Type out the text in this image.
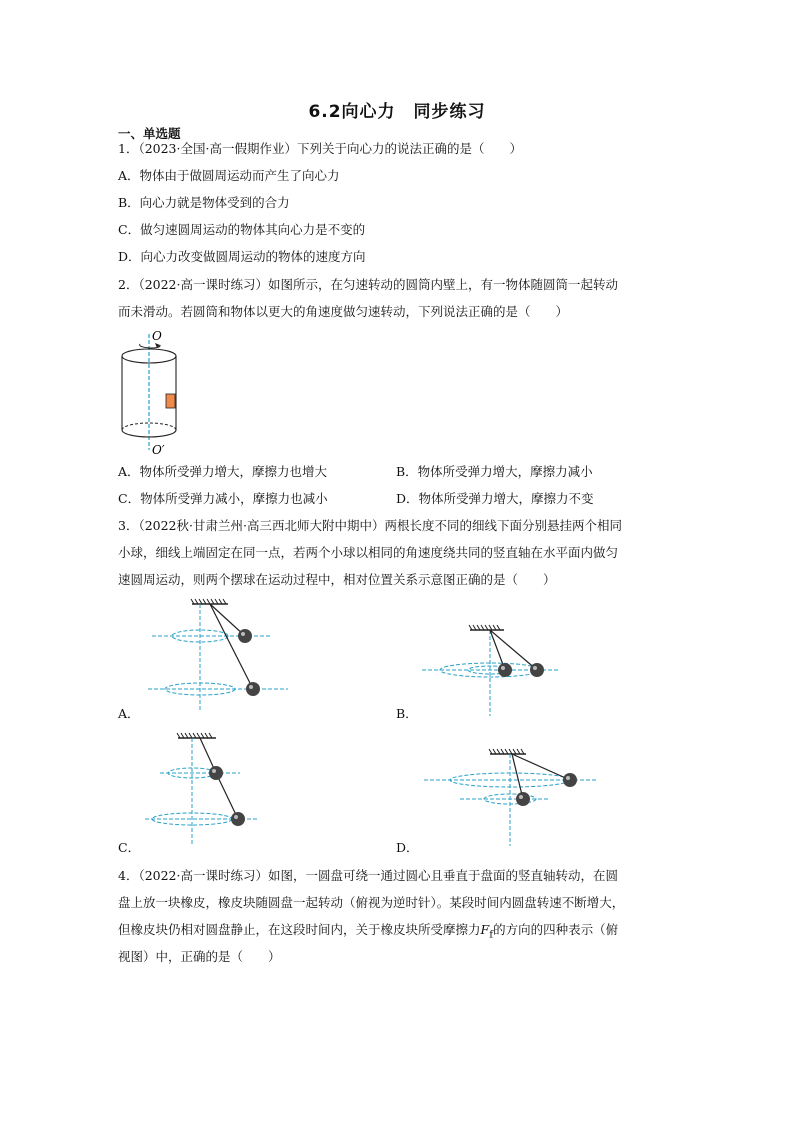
6.2向心力　同步练习
一、单选题
1．（2023·全国·高一假期作业）下列关于向心力的说法正确的是（　　）
A．物体由于做圆周运动而产生了向心力
B．向心力就是物体受到的合力
C．做匀速圆周运动的物体其向心力是不变的
D．向心力改变做圆周运动的物体的速度方向
2．（2022·高一课时练习）如图所示，在匀速转动的圆筒内壁上，有一物体随圆筒一起转动
而未滑动。若圆筒和物体以更大的角速度做匀速转动，下列说法正确的是（　　）
O
O′
A．物体所受弹力增大，摩擦力也增大	B．物体所受弹力增大，摩擦力减小
C．物体所受弹力减小，摩擦力也减小	D．物体所受弹力增大，摩擦力不变
3．（2022秋·甘肃兰州·高三西北师大附中期中）两根长度不同的细线下面分别悬挂两个相同
小球，细线上端固定在同一点，若两个小球以相同的角速度绕共同的竖直轴在水平面内做匀
速圆周运动，则两个摆球在运动过程中，相对位置关系示意图正确的是（　　）
A．	B．
C．	D．
4．（2022·高一课时练习）如图，一圆盘可绕一通过圆心且垂直于盘面的竖直轴转动，在圆
盘上放一块橡皮，橡皮块随圆盘一起转动（俯视为逆时针）。某段时间内圆盘转速不断增大，
但橡皮块仍相对圆盘静止，在这段时间内，关于橡皮块所受摩擦力$F_f$的方向的四种表示（俯
视图）中，正确的是（　　）
